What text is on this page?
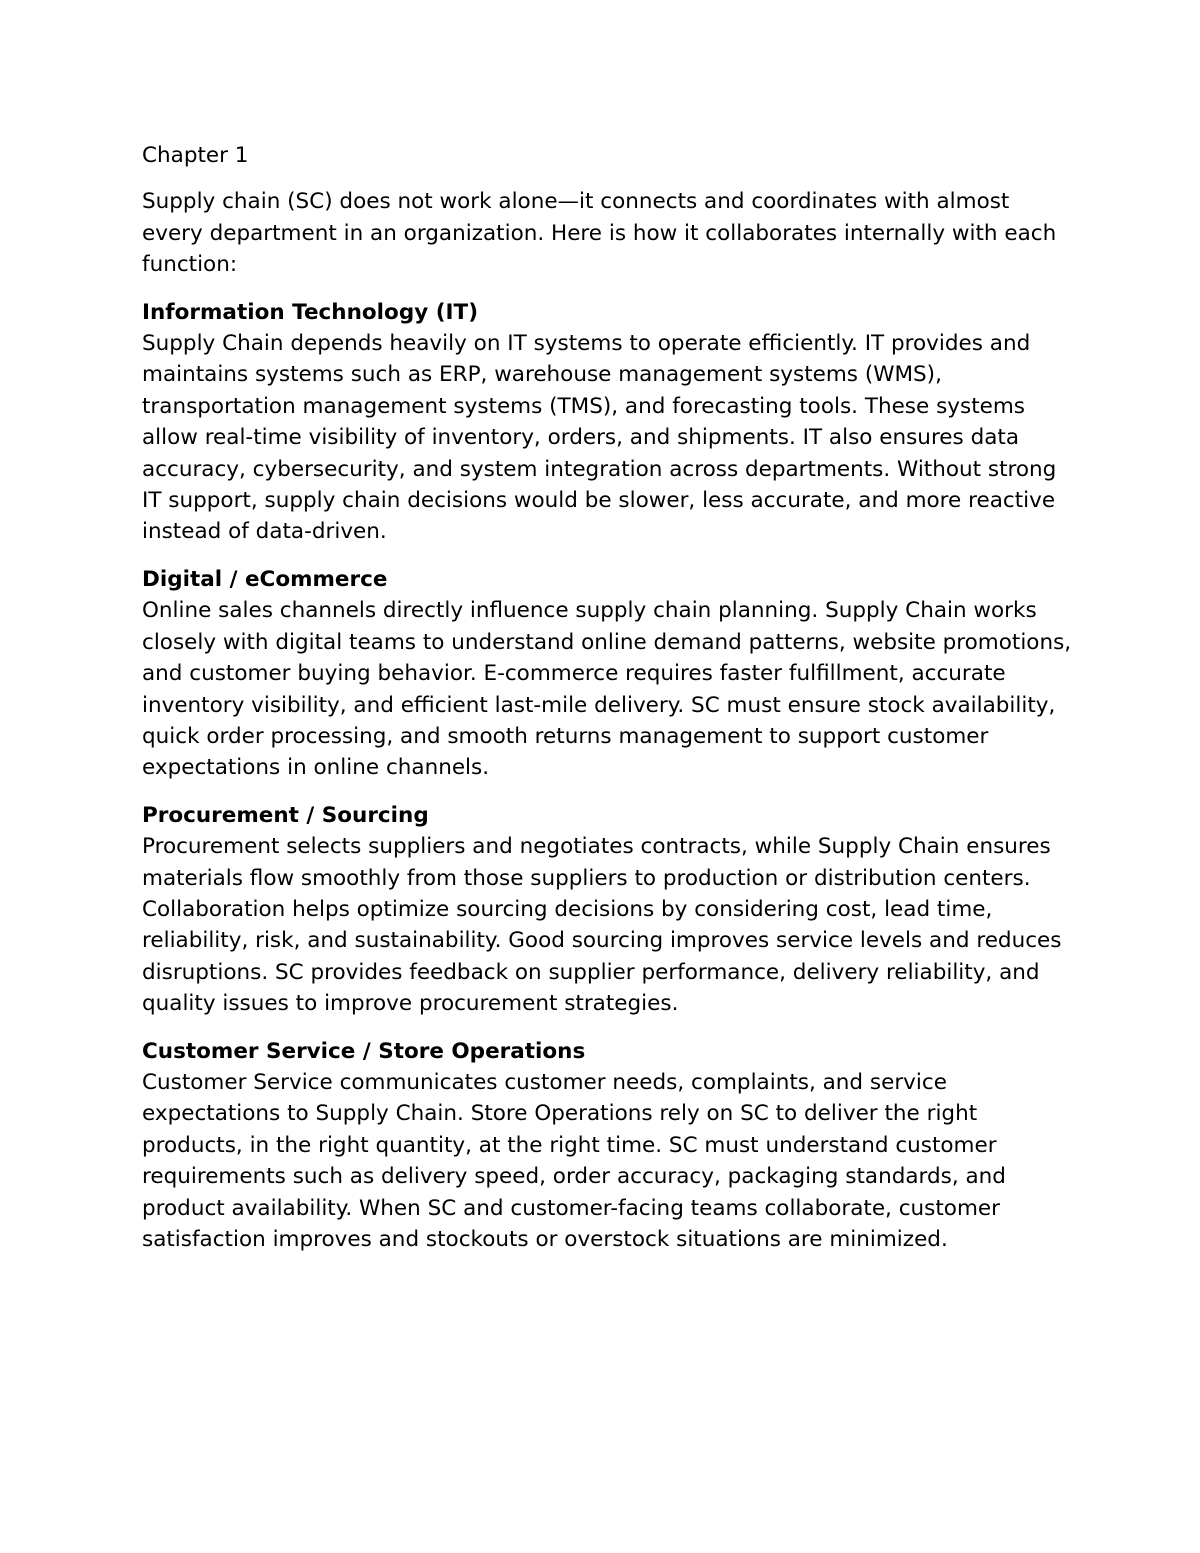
Chapter 1

Supply chain (SC) does not work alone—it connects and coordinates with almost every department in an organization. Here is how it collaborates internally with each function:

Information Technology (IT)
Supply Chain depends heavily on IT systems to operate efficiently. IT provides and maintains systems such as ERP, warehouse management systems (WMS), transportation management systems (TMS), and forecasting tools. These systems allow real-time visibility of inventory, orders, and shipments. IT also ensures data accuracy, cybersecurity, and system integration across departments. Without strong IT support, supply chain decisions would be slower, less accurate, and more reactive instead of data-driven.
Digital / eCommerce
Online sales channels directly influence supply chain planning. Supply Chain works closely with digital teams to understand online demand patterns, website promotions, and customer buying behavior. E-commerce requires faster fulfillment, accurate inventory visibility, and efficient last-mile delivery. SC must ensure stock availability, quick order processing, and smooth returns management to support customer expectations in online channels.
Procurement / Sourcing
Procurement selects suppliers and negotiates contracts, while Supply Chain ensures materials flow smoothly from those suppliers to production or distribution centers. Collaboration helps optimize sourcing decisions by considering cost, lead time, reliability, risk, and sustainability. Good sourcing improves service levels and reduces disruptions. SC provides feedback on supplier performance, delivery reliability, and quality issues to improve procurement strategies.
Customer Service / Store Operations
Customer Service communicates customer needs, complaints, and service expectations to Supply Chain. Store Operations rely on SC to deliver the right products, in the right quantity, at the right time. SC must understand customer requirements such as delivery speed, order accuracy, packaging standards, and product availability. When SC and customer-facing teams collaborate, customer satisfaction improves and stockouts or overstock situations are minimized.
